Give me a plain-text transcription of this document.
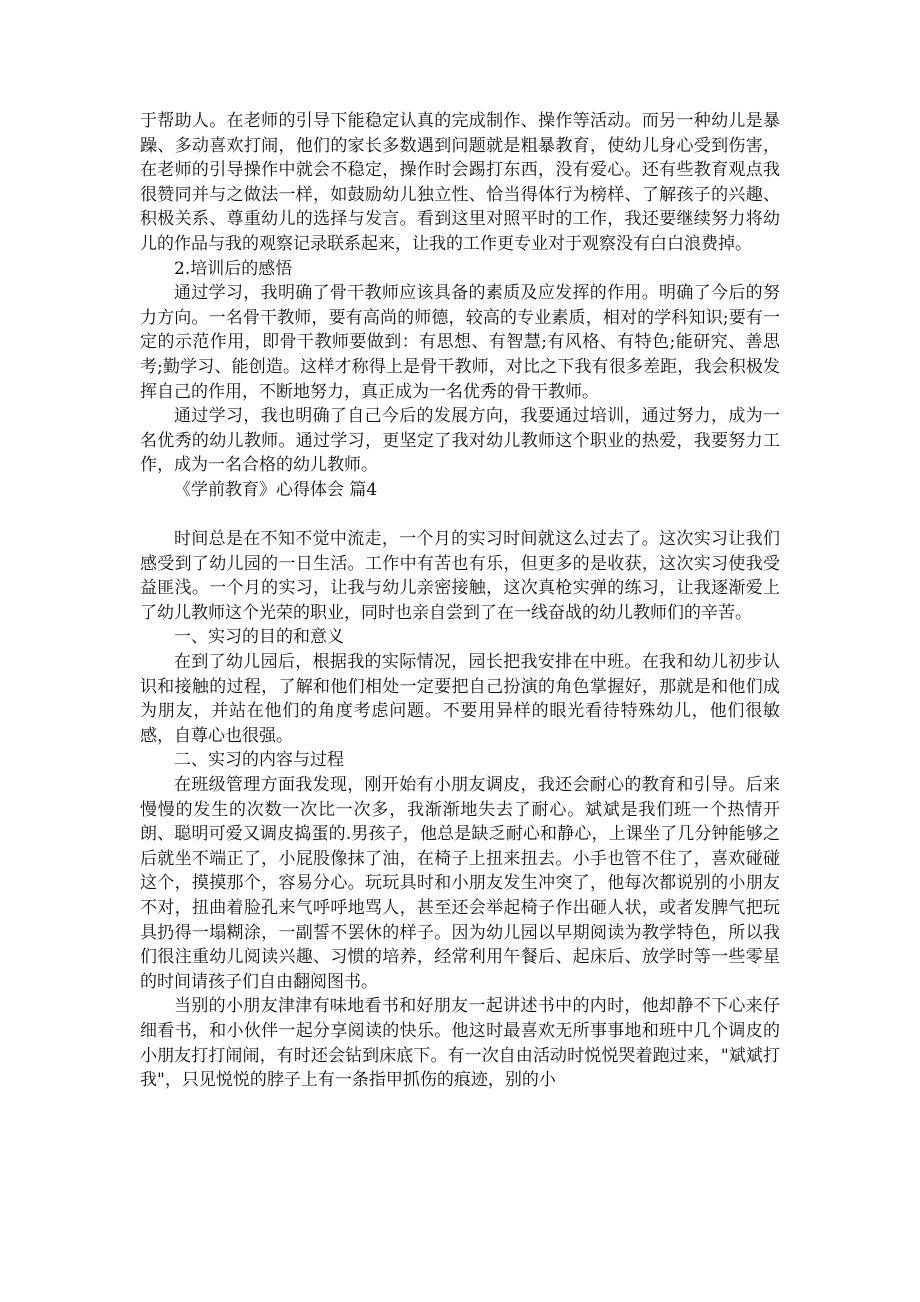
于帮助人。在老师的引导下能稳定认真的完成制作、操作等活动。而另一种幼儿是暴躁、多动喜欢打闹，他们的家长多数遇到问题就是粗暴教育，使幼儿身心受到伤害，在老师的引导操作中就会不稳定，操作时会踢打东西，没有爱心。还有些教育观点我很赞同并与之做法一样，如鼓励幼儿独立性、恰当得体行为榜样、了解孩子的兴趣、积极关系、尊重幼儿的选择与发言。看到这里对照平时的工作，我还要继续努力将幼儿的作品与我的观察记录联系起来，让我的工作更专业对于观察没有白白浪费掉。

2.培训后的感悟

通过学习，我明确了骨干教师应该具备的素质及应发挥的作用。明确了今后的努力方向。一名骨干教师，要有高尚的师德，较高的专业素质，相对的学科知识;要有一定的示范作用，即骨干教师要做到：有思想、有智慧;有风格、有特色;能研究、善思考;勤学习、能创造。这样才称得上是骨干教师，对比之下我有很多差距，我会积极发挥自己的作用，不断地努力，真正成为一名优秀的骨干教师。

通过学习，我也明确了自己今后的发展方向，我要通过培训，通过努力，成为一名优秀的幼儿教师。通过学习，更坚定了我对幼儿教师这个职业的热爱，我要努力工作，成为一名合格的幼儿教师。

《学前教育》心得体会 篇4

时间总是在不知不觉中流走，一个月的实习时间就这么过去了。这次实习让我们感受到了幼儿园的一日生活。工作中有苦也有乐，但更多的是收获，这次实习使我受益匪浅。一个月的实习，让我与幼儿亲密接触，这次真枪实弹的练习，让我逐渐爱上了幼儿教师这个光荣的职业，同时也亲自尝到了在一线奋战的幼儿教师们的辛苦。

一、实习的目的和意义

在到了幼儿园后，根据我的实际情况，园长把我安排在中班。在我和幼儿初步认识和接触的过程，了解和他们相处一定要把自己扮演的角色掌握好，那就是和他们成为朋友，并站在他们的角度考虑问题。不要用异样的眼光看待特殊幼儿，他们很敏感，自尊心也很强。

二、实习的内容与过程

在班级管理方面我发现，刚开始有小朋友调皮，我还会耐心的教育和引导。后来慢慢的发生的次数一次比一次多，我渐渐地失去了耐心。斌斌是我们班一个热情开朗、聪明可爱又调皮捣蛋的.男孩子，他总是缺乏耐心和静心，上课坐了几分钟能够之后就坐不端正了，小屁股像抹了油，在椅子上扭来扭去。小手也管不住了，喜欢碰碰这个，摸摸那个，容易分心。玩玩具时和小朋友发生冲突了，他每次都说别的小朋友不对，扭曲着脸孔来气呼呼地骂人，甚至还会举起椅子作出砸人状，或者发脾气把玩具扔得一塌糊涂，一副誓不罢休的样子。因为幼儿园以早期阅读为教学特色，所以我们很注重幼儿阅读兴趣、习惯的培养，经常利用午餐后、起床后、放学时等一些零星的时间请孩子们自由翻阅图书。

当别的小朋友津津有味地看书和好朋友一起讲述书中的内时，他却静不下心来仔细看书，和小伙伴一起分享阅读的快乐。他这时最喜欢无所事事地和班中几个调皮的小朋友打打闹闹，有时还会钻到床底下。有一次自由活动时悦悦哭着跑过来，"斌斌打我"，只见悦悦的脖子上有一条指甲抓伤的痕迹，别的小
